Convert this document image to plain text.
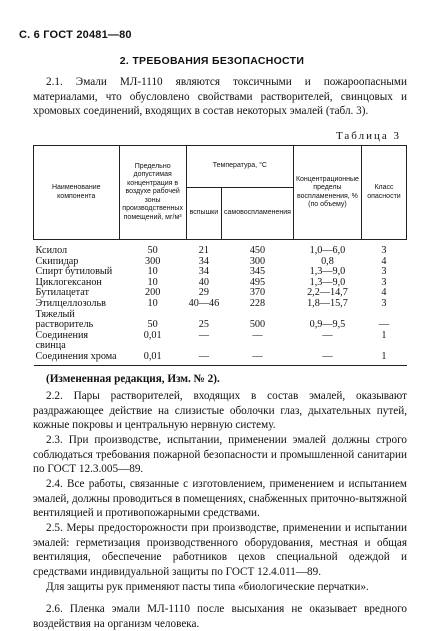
С. 6 ГОСТ 20481—80
2. ТРЕБОВАНИЯ БЕЗОПАСНОСТИ

2.1. Эмали МЛ-1110 являются токсичными и пожароопасными материалами, что обусловлено свойствами растворителей, свинцовых и хромовых соединений, входящих в состав некоторых эмалей (табл. 3).

Таблица 3
Наименование компонента	Предельно допустимая концентрация в воздухе рабочей зоны производственных помещений, мг/м³	Температура, °С		Концентрационные пределы воспламенения, % (по объему)	Класс опасности
		вспышки	самовоспламенения		
Ксилол	50	21	450	1,0—6,0	3
Скипидар	300	34	300	0,8	4
Спирт бутиловый	10	34	345	1,3—9,0	3
Циклогексанон	10	40	495	1,3—9,0	3
Бутилацетат	200	29	370	2,2—14,7	4
Этилцеллозольв	10	40—46	228	1,8—15,7	3
Тяжелый растворитель	50	25	500	0,9—9,5	—
Соединения свинца	0,01	—	—	—	1
Соединения хрома	0,01	—	—	—	1

(Измененная редакция, Изм. № 2).

2.2. Пары растворителей, входящих в состав эмалей, оказывают раздражающее действие на слизистые оболочки глаз, дыхательных путей, кожные покровы и центральную нервную систему.

2.3. При производстве, испытании, применении эмалей должны строго соблюдаться требования пожарной безопасности и промышленной санитарии по ГОСТ 12.3.005—89.

2.4. Все работы, связанные с изготовлением, применением и испытанием эмалей, должны проводиться в помещениях, снабженных приточно-вытяжной вентиляцией и противопожарными средствами.

2.5. Меры предосторожности при производстве, применении и испытании эмалей: герметизация производственного оборудования, местная и общая вентиляция, обеспечение работников цехов специальной одеждой и средствами индивидуальной защиты по ГОСТ 12.4.011—89.

Для защиты рук применяют пасты типа «биологические перчатки».

2.6. Пленка эмали МЛ-1110 после высыхания не оказывает вредного воздействия на организм человека.
